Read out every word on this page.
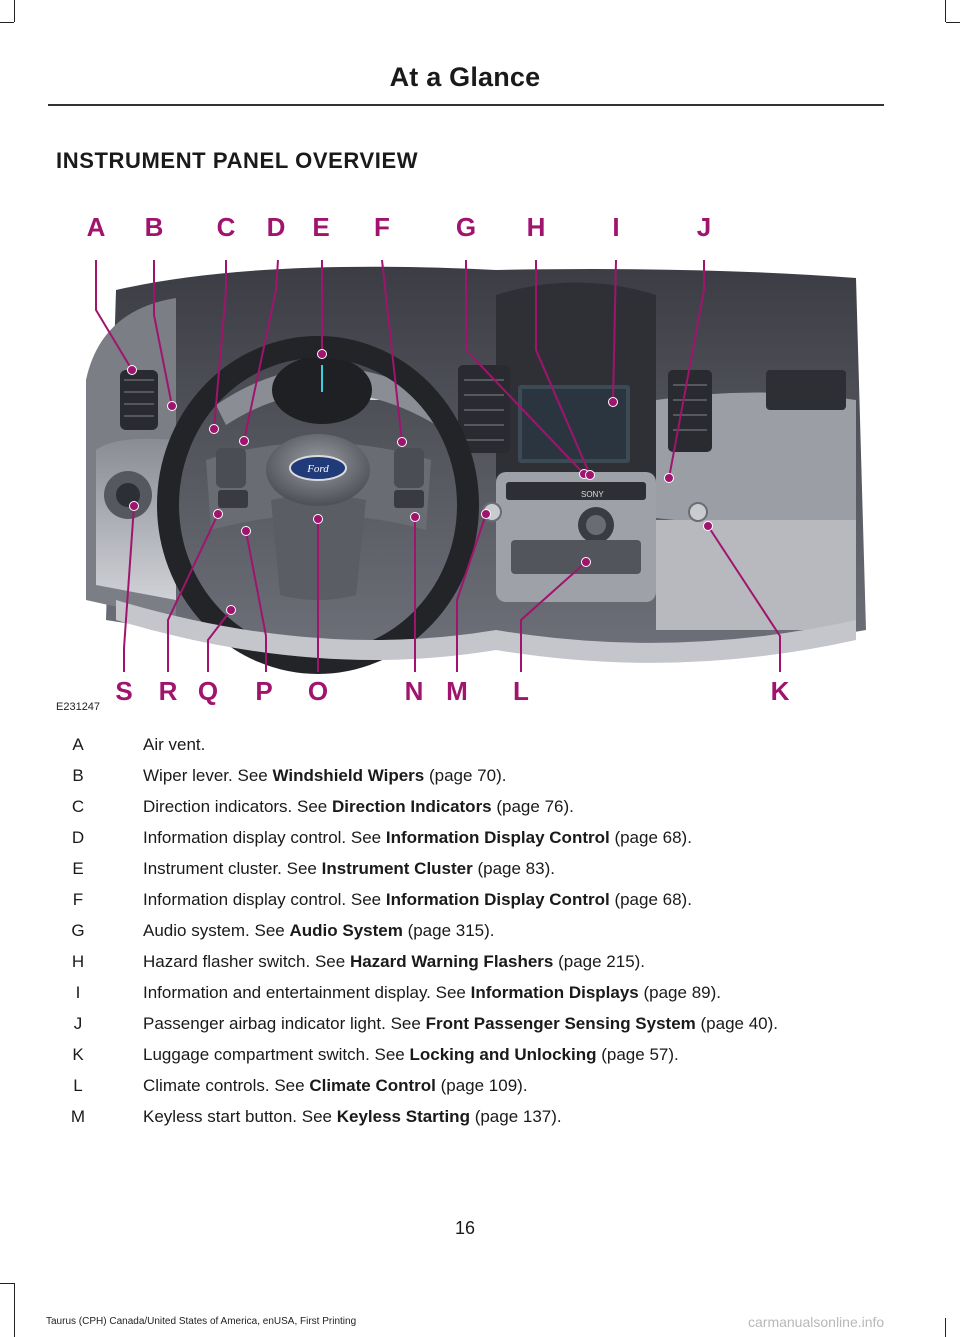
At a Glance
INSTRUMENT PANEL OVERVIEW
SONY
Ford
A B C D E F	G H	I	J
S R Q P O	N M L	K
E231247
A	Air vent.
B	Wiper lever. See Windshield Wipers (page 70).
C	Direction indicators. See Direction Indicators (page 76).
D	Information display control. See Information Display Control (page 68).
E	Instrument cluster. See Instrument Cluster (page 83).
F	Information display control. See Information Display Control (page 68).
G	Audio system. See Audio System (page 315).
H	Hazard flasher switch. See Hazard Warning Flashers (page 215).
I	Information and entertainment display. See Information Displays (page 89).
J	Passenger airbag indicator light. See Front Passenger Sensing System (page 40).
K	Luggage compartment switch. See Locking and Unlocking (page 57).
L	Climate controls. See Climate Control (page 109).
M	Keyless start button. See Keyless Starting (page 137).
16
Taurus (CPH) Canada/United States of America, enUSA, First Printing	carmanualsonline.info
